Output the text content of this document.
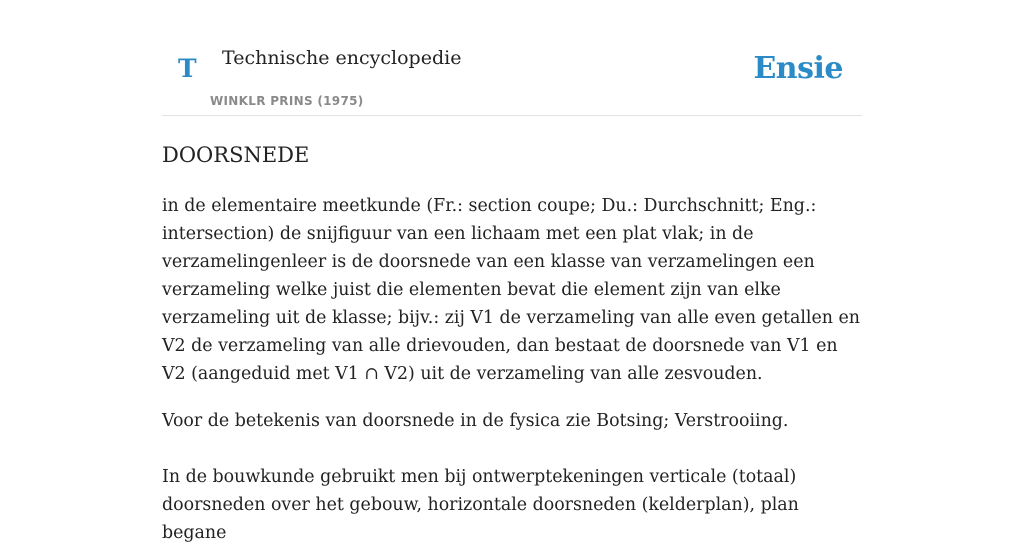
T Technische encyclopedie
WINKLR PRINS (1975)
Ensie
DOORSNEDE

in de elementaire meetkunde (Fr.: section coupe; Du.: Durchschnitt; Eng.: intersection) de snijfiguur van een lichaam met een plat vlak; in de verzamelingenleer is de doorsnede van een klasse van verzamelingen een verzameling welke juist die elementen bevat die element zijn van elke verzameling uit de klasse; bijv.: zij V1 de verzameling van alle even getallen en V2 de verzameling van alle drievouden, dan bestaat de doorsnede van V1 en V2 (aangeduid met V1 ∩ V2) uit de verzameling van alle zesvouden.

Voor de betekenis van doorsnede in de fysica zie Botsing; Verstrooiing.

In de bouwkunde gebruikt men bij ontwerptekeningen verticale (totaal) doorsneden over het gebouw, horizontale doorsneden (kelderplan), plan begane
